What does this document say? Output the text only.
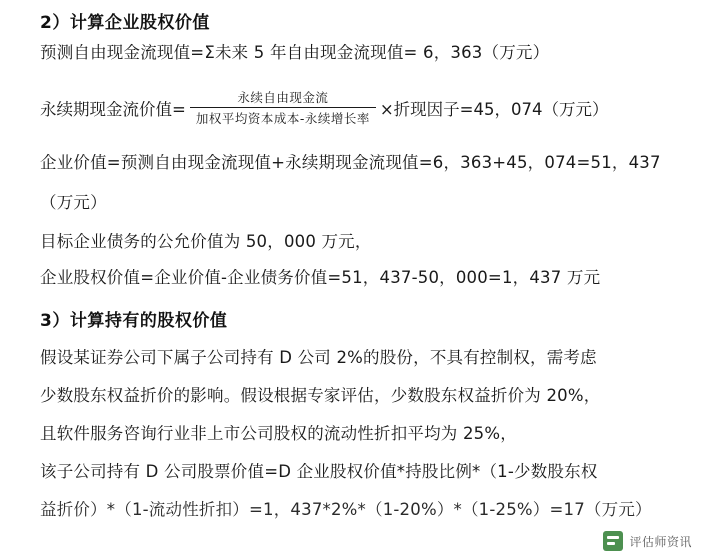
2）计算企业股权价值
预测自由现金流现值=Σ未来 5 年自由现金流现值= 6，363（万元）
永续期现金流价值= $\frac{\text{永续自由现金流}}{\text{加权平均资本成本-永续增长率}}$ ×折现因子=45，074（万元）
企业价值=预测自由现金流现值+永续期现金流现值=6，363+45，074=51，437
（万元）
目标企业债务的公允价值为 50，000 万元，
企业股权价值=企业价值-企业债务价值=51，437-50，000=1，437 万元
3）计算持有的股权价值
假设某证券公司下属子公司持有 D 公司 2%的股份，不具有控制权，需考虑
少数股东权益折价的影响。假设根据专家评估，少数股东权益折价为 20%，
且软件服务咨询行业非上市公司股权的流动性折扣平均为 25%，
该子公司持有 D 公司股票价值=D 企业股权价值*持股比例*（1-少数股东权
益折价）*（1-流动性折扣）=1，437*2%*（1-20%）*（1-25%）=17（万元）
评估师资讯
